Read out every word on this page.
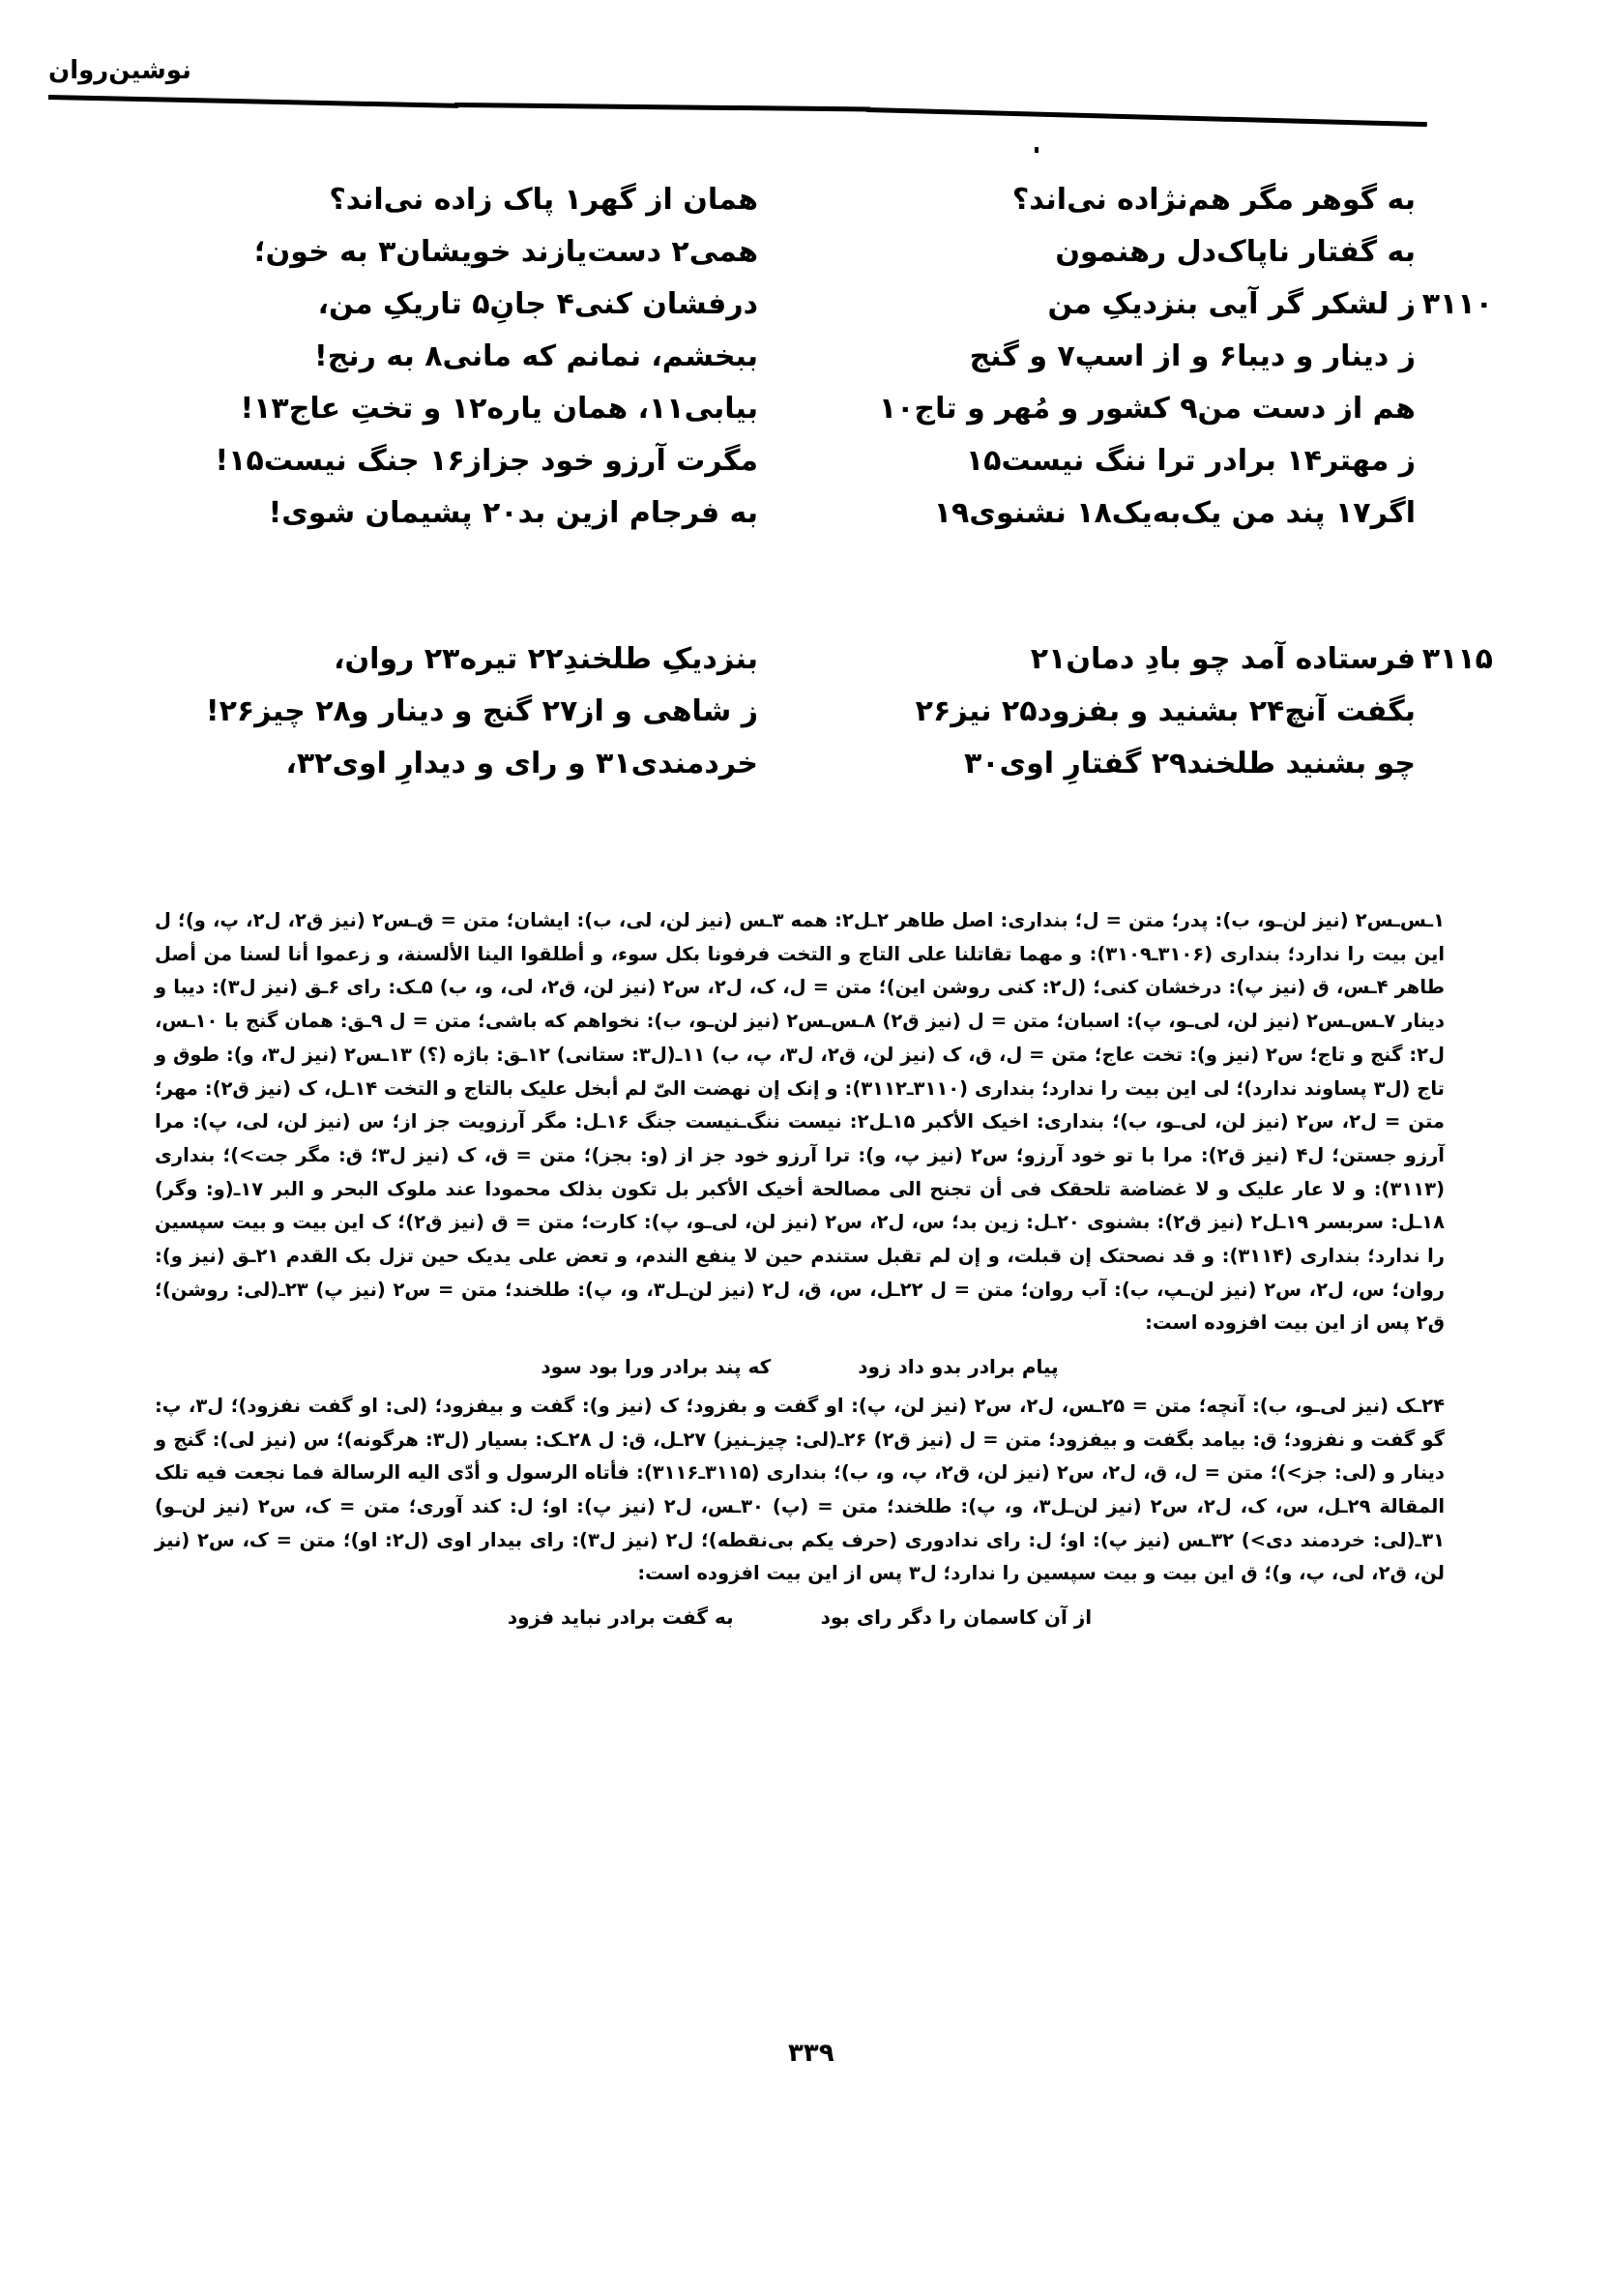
نوشین‌روان
به گوهر مگر هم‌نژاده نی‌اند؟
به گفتار ناپاک‌دل رهنمون
۳۱۱۰
ز لشکر گر آیی بنزدیکِ من
ز دینار و دیبا۶ و از اسپ۷ و گنج
هم از دست من۹ کشور و مُهر و تاج۱۰
ز مهتر۱۴ برادر ترا ننگ نیست۱۵
اگر۱۷ پند من یک‌به‌یک۱۸ نشنوی۱۹
همان از گهر۱ پاک زاده نی‌اند؟
همی۲ دست‌یازند خویشان۳ به خون؛
درفشان کنی۴ جانِ۵ تاریکِ من،
ببخشم، نمانم که مانی۸ به رنج!
بیابی۱۱، همان یاره۱۲ و تختِ عاج۱۳!
مگرت آرزو خود جزاز۱۶ جنگ نیست۱۵!
به فرجام ازین بد۲۰ پشیمان شوی!
۳۱۱۵
فرستاده آمد چو بادِ دمان۲۱
بگفت آنچ۲۴ بشنید و بفزود۲۵ نیز۲۶
چو بشنید طلخند۲۹ گفتارِ اوی۳۰
بنزدیکِ طلخندِ۲۲ تیره۲۳ روان،
ز شاهی و از۲۷ گنج و دینار و۲۸ چیز۲۶!
خردمندی۳۱ و رای و دیدارِ اوی۳۲،

۱ـس‌ـس۲ (نیز لن‌ـو، ب): پدر؛ متن = ل؛ بنداری: اصل طاهر ۲ـل۲: همه ۳ـس (نیز لن، لی، ب): ایشان؛ متن = ق‌ـس۲ (نیز ق۲، ل۲، پ، و)؛ ل این بیت را ندارد؛ بنداری (۳۱۰۶ـ۳۱۰۹): و مهما تقاتلنا علی التاج و التخت فرفونا بکل سوء، و أطلقوا الینا الألسنة، و زعموا أنا لسنا من أصل طاهر ۴ـس، ق (نیز پ): درخشان کنی؛ (ل۲: کنی روشن این)؛ متن = ل، ک، ل۲، س۲ (نیز لن، ق۲، لی، و، ب) ۵ـک: رای ۶ـق (نیز ل۳): دیبا و دینار ۷ـس‌ـس۲ (نیز لن، لی‌ـو، پ): اسبان؛ متن = ل (نیز ق۲) ۸ـس‌ـس۲ (نیز لن‌ـو، ب): نخواهم که باشی؛ متن = ل ۹ـق: همان گنج با ۱۰ـس، ل۲: گنج و تاج؛ س۲ (نیز و): تخت عاج؛ متن = ل، ق، ک (نیز لن، ق۲، ل۳، پ، ب) ۱۱ـ(ل۳: ستانی) ۱۲ـق: باژه (؟) ۱۳ـس۲ (نیز ل۳، و): طوق و تاج (ل۳ پساوند ندارد)؛ لی این بیت را ندارد؛ بنداری (۳۱۱۰ـ۳۱۱۲): و إنک إن نهضت الیّ لم أبخل علیک بالتاج و التخت ۱۴ـل، ک (نیز ق۲): مهر؛ متن = ل۲، س۲ (نیز لن، لی‌ـو، ب)؛ بنداری: اخیک الأکبر ۱۵ـل۲: نیست ننگ‌ـنیست جنگ ۱۶ـل: مگر آرزویت جز از؛ س (نیز لن، لی، پ): مرا آرزو جستن؛ ل۴ (نیز ق۲): مرا با تو خود آرزو؛ س۲ (نیز پ، و): ترا آرزو خود جز از (و: بجز)؛ متن = ق، ک (نیز ل۳؛ ق: مگر جت>)؛ بنداری (۳۱۱۳): و لا عار علیک و لا غضاضة تلحقک فی أن تجنح الی مصالحة أخیک الأکبر بل تکون بذلک محمودا عند ملوک البحر و البر ۱۷ـ(و: وگر) ۱۸ـل: سربسر ۱۹ـل۲ (نیز ق۲): بشنوی ۲۰ـل: زین بد؛ س، ل۲، س۲ (نیز لن، لی‌ـو، پ): کارت؛ متن = ق (نیز ق۲)؛ ک این بیت و بیت سپسین را ندارد؛ بنداری (۳۱۱۴): و قد نصحتک إن قبلت، و إن لم تقبل ستندم حین لا ینفع الندم، و تعض علی یدیک حین تزل بک القدم ۲۱ـق (نیز و): روان؛ س، ل۲، س۲ (نیز لن‌ـپ، ب): آب روان؛ متن = ل ۲۲ـل، س، ق، ل۲ (نیز لن‌ـل۳، و، پ): طلخند؛ متن = س۲ (نیز پ) ۲۳ـ(لی: روشن)؛ ق۲ پس از این بیت افزوده است:

پیام برادر بدو داد زود
که پند برادر ورا بود سود

۲۴ـک (نیز لی‌ـو، ب): آنچه؛ متن = ۲۵ـس، ل۲، س۲ (نیز لن، پ): او گفت و بفزود؛ ک (نیز و): گفت و بیفزود؛ (لی: او گفت نفزود)؛ ل۳، پ: گو گفت و نفزود؛ ق: بیامد بگفت و بیفزود؛ متن = ل (نیز ق۲) ۲۶ـ(لی: چیز‌ـنیز) ۲۷ـل، ق: ل ۲۸ـک: بسیار (ل۳: هرگونه)؛ س (نیز لی): گنج و دینار و (لی: جز>)؛ متن = ل، ق، ل۲، س۲ (نیز لن، ق۲، پ، و، ب)؛ بنداری (۳۱۱۵ـ۳۱۱۶): فأتاه الرسول و أدّی الیه الرسالة فما نجعت فیه تلک المقالة ۲۹ـل، س، ک، ل۲، س۲ (نیز لن‌ـل۳، و، پ): طلخند؛ متن = (پ) ۳۰ـس، ل۲ (نیز پ): او؛ ل: کند آوری؛ متن = ک، س۲ (نیز لن‌ـو) ۳۱ـ(لی: خردمند دی>) ۳۲ـس (نیز پ): او؛ ل: رای ندادوری (حرف یکم بی‌نقطه)؛ ل۲ (نیز ل۳): رای بیدار اوی (ل۲: او)؛ متن = ک، س۲ (نیز لن، ق۲، لی، پ، و)؛ ق این بیت و بیت سپسین را ندارد؛ ل۳ پس از این بیت افزوده است:

از آن کاسمان را دگر رای بود
به گفت برادر نباید فزود
۳۳۹
